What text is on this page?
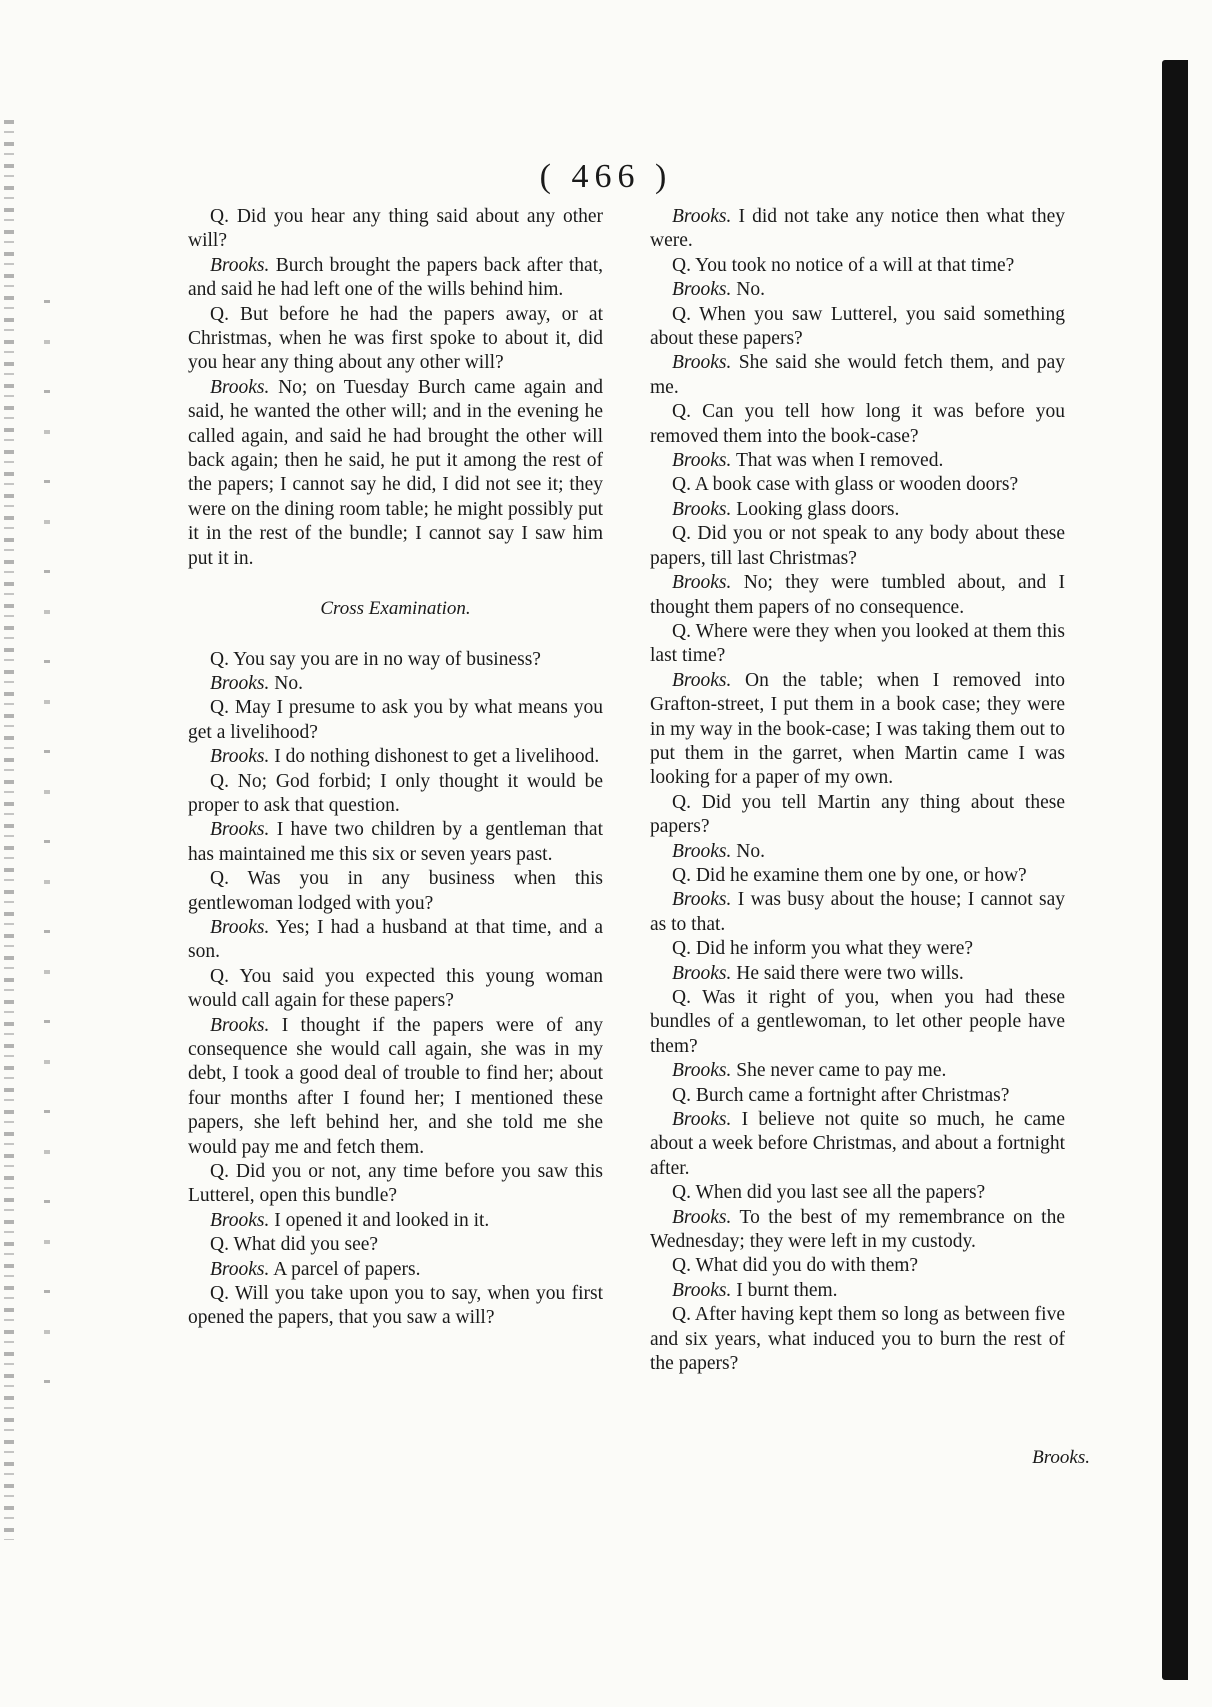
( 466 )

Q. Did you hear any thing said about any other will?

Brooks. Burch brought the papers back after that, and said he had left one of the wills behind him.

Q. But before he had the papers away, or at Christmas, when he was first spoke to about it, did you hear any thing about any other will?

Brooks. No; on Tuesday Burch came again and said, he wanted the other will; and in the evening he called again, and said he had brought the other will back again; then he said, he put it among the rest of the papers; I cannot say he did, I did not see it; they were on the dining room table; he might possibly put it in the rest of the bundle; I cannot say I saw him put it in.

Cross Examination.

Q. You say you are in no way of business?

Brooks. No.

Q. May I presume to ask you by what means you get a livelihood?

Brooks. I do nothing dishonest to get a livelihood.

Q. No; God forbid; I only thought it would be proper to ask that question.

Brooks. I have two children by a gentleman that has maintained me this six or seven years past.

Q. Was you in any business when this gentlewoman lodged with you?

Brooks. Yes; I had a husband at that time, and a son.

Q. You said you expected this young woman would call again for these papers?

Brooks. I thought if the papers were of any consequence she would call again, she was in my debt, I took a good deal of trouble to find her; about four months after I found her; I mentioned these papers, she left behind her, and she told me she would pay me and fetch them.

Q. Did you or not, any time before you saw this Lutterel, open this bundle?

Brooks. I opened it and looked in it.

Q. What did you see?

Brooks. A parcel of papers.

Q. Will you take upon you to say, when you first opened the papers, that you saw a will?

Brooks. I did not take any notice then what they were.

Q. You took no notice of a will at that time?

Brooks. No.

Q. When you saw Lutterel, you said something about these papers?

Brooks. She said she would fetch them, and pay me.

Q. Can you tell how long it was before you removed them into the book-case?

Brooks. That was when I removed.

Q. A book case with glass or wooden doors?

Brooks. Looking glass doors.

Q. Did you or not speak to any body about these papers, till last Christmas?

Brooks. No; they were tumbled about, and I thought them papers of no consequence.

Q. Where were they when you looked at them this last time?

Brooks. On the table; when I removed into Grafton-street, I put them in a book case; they were in my way in the book-case; I was taking them out to put them in the garret, when Martin came I was looking for a paper of my own.

Q. Did you tell Martin any thing about these papers?

Brooks. No.

Q. Did he examine them one by one, or how?

Brooks. I was busy about the house; I cannot say as to that.

Q. Did he inform you what they were?

Brooks. He said there were two wills.

Q. Was it right of you, when you had these bundles of a gentlewoman, to let other people have them?

Brooks. She never came to pay me.

Q. Burch came a fortnight after Christmas?

Brooks. I believe not quite so much, he came about a week before Christmas, and about a fortnight after.

Q. When did you last see all the papers?

Brooks. To the best of my remembrance on the Wednesday; they were left in my custody.

Q. What did you do with them?

Brooks. I burnt them.

Q. After having kept them so long as between five and six years, what induced you to burn the rest of the papers?

Brooks.
